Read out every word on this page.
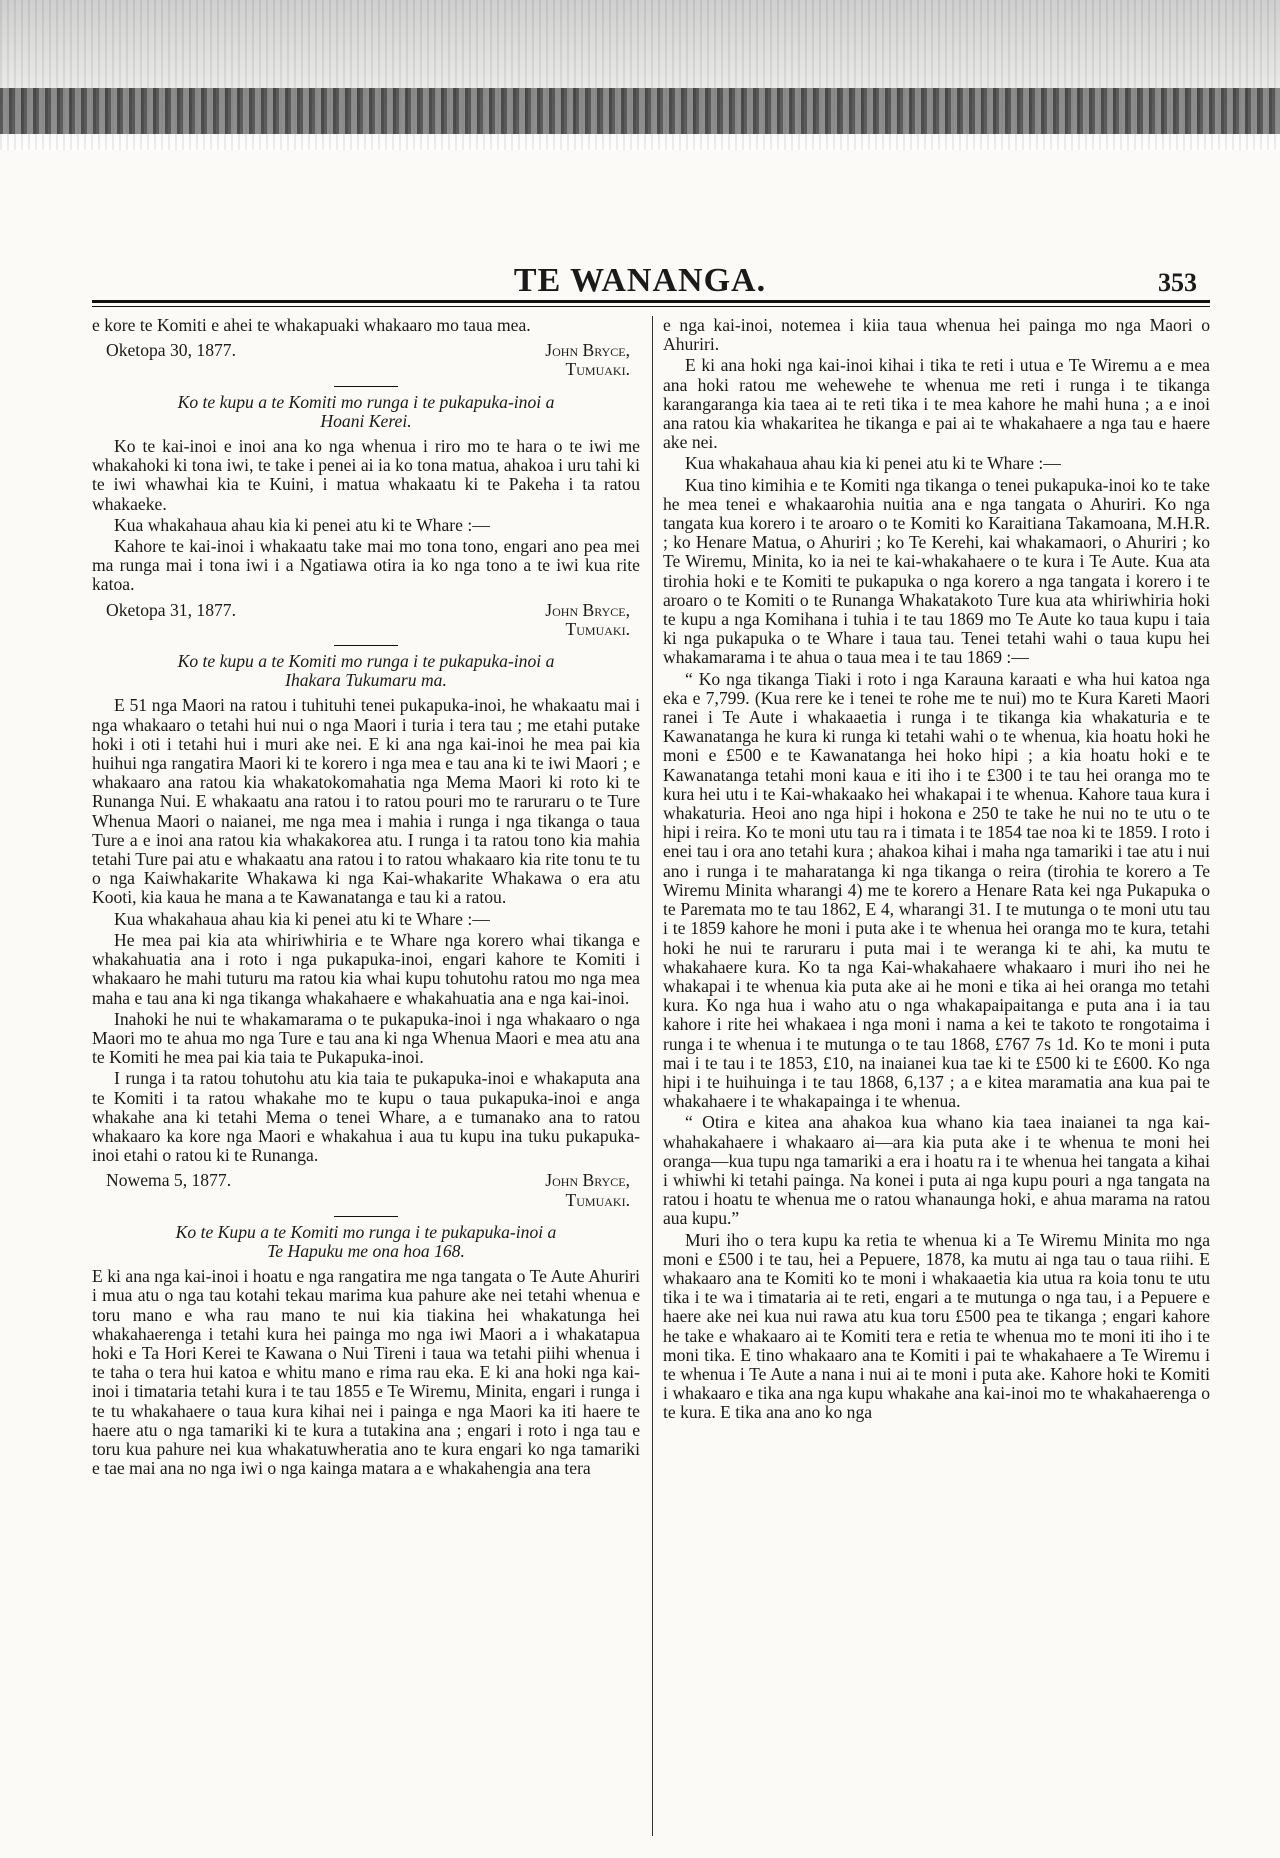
TE WANANGA.	353

e kore te Komiti e ahei te whakapuaki whakaaro mo taua mea.

Oketopa 30, 1877.	John Bryce,
Tumuaki.
Ko te kupu a te Komiti mo runga i te pukapuka-inoi a
Hoani Kerei.

Ko te kai-inoi e inoi ana ko nga whenua i riro mo te hara o te iwi me whakahoki ki tona iwi, te take i penei ai ia ko tona matua, ahakoa i uru tahi ki te iwi whawhai kia te Kuini, i matua whakaatu ki te Pakeha i ta ratou whakaeke.

Kua whakahaua ahau kia ki penei atu ki te Whare :—

Kahore te kai-inoi i whakaatu take mai mo tona tono, engari ano pea mei ma runga mai i tona iwi i a Ngatiawa otira ia ko nga tono a te iwi kua rite katoa.

Oketopa 31, 1877.	John Bryce,
Tumuaki.
Ko te kupu a te Komiti mo runga i te pukapuka-inoi a
Ihakara Tukumaru ma.

E 51 nga Maori na ratou i tuhituhi tenei pukapuka-inoi, he whakaatu mai i nga whakaaro o tetahi hui nui o nga Maori i turia i tera tau ; me etahi putake hoki i oti i tetahi hui i muri ake nei. E ki ana nga kai-inoi he mea pai kia huihui nga rangatira Maori ki te korero i nga mea e tau ana ki te iwi Maori ; e whakaaro ana ratou kia whakatokomahatia nga Mema Maori ki roto ki te Runanga Nui. E whakaatu ana ratou i to ratou pouri mo te raruraru o te Ture Whenua Maori o naianei, me nga mea i mahia i runga i nga tikanga o taua Ture a e inoi ana ratou kia whakakorea atu. I runga i ta ratou tono kia mahia tetahi Ture pai atu e whakaatu ana ratou i to ratou whakaaro kia rite tonu te tu o nga Kaiwhakarite Whakawa ki nga Kai-whakarite Whakawa o era atu Kooti, kia kaua he mana a te Kawanatanga e tau ki a ratou.

Kua whakahaua ahau kia ki penei atu ki te Whare :—

He mea pai kia ata whiriwhiria e te Whare nga korero whai tikanga e whakahuatia ana i roto i nga pukapuka-inoi, engari kahore te Komiti i whakaaro he mahi tuturu ma ratou kia whai kupu tohutohu ratou mo nga mea maha e tau ana ki nga tikanga whakahaere e whakahuatia ana e nga kai-inoi.

Inahoki he nui te whakamarama o te pukapuka-inoi i nga whakaaro o nga Maori mo te ahua mo nga Ture e tau ana ki nga Whenua Maori e mea atu ana te Komiti he mea pai kia taia te Pukapuka-inoi.

I runga i ta ratou tohutohu atu kia taia te pukapuka-inoi e whakaputa ana te Komiti i ta ratou whakahe mo te kupu o taua pukapuka-inoi e anga whakahe ana ki tetahi Mema o tenei Whare, a e tumanako ana to ratou whakaaro ka kore nga Maori e whakahua i aua tu kupu ina tuku pukapuka-inoi etahi o ratou ki te Runanga.

Nowema 5, 1877.	John Bryce,
Tumuaki.
Ko te Kupu a te Komiti mo runga i te pukapuka-inoi a
Te Hapuku me ona hoa 168.

E ki ana nga kai-inoi i hoatu e nga rangatira me nga tangata o Te Aute Ahuriri i mua atu o nga tau kotahi tekau marima kua pahure ake nei tetahi whenua e toru mano e wha rau mano te nui kia tiakina hei whakatunga hei whakahaerenga i tetahi kura hei painga mo nga iwi Maori a i whakatapua hoki e Ta Hori Kerei te Kawana o Nui Tireni i taua wa tetahi piihi whenua i te taha o tera hui katoa e whitu mano e rima rau eka. E ki ana hoki nga kai-inoi i timataria tetahi kura i te tau 1855 e Te Wiremu, Minita, engari i runga i te tu whakahaere o taua kura kihai nei i painga e nga Maori ka iti haere te haere atu o nga tamariki ki te kura a tutakina ana ; engari i roto i nga tau e toru kua pahure nei kua whakatuwheratia ano te kura engari ko nga tamariki e tae mai ana no nga iwi o nga kainga matara a e whakahengia ana tera

e nga kai-inoi, notemea i kiia taua whenua hei painga mo nga Maori o Ahuriri.

E ki ana hoki nga kai-inoi kihai i tika te reti i utua e Te Wiremu a e mea ana hoki ratou me wehewehe te whenua me reti i runga i te tikanga karangaranga kia taea ai te reti tika i te mea kahore he mahi huna ; a e inoi ana ratou kia whakaritea he tikanga e pai ai te whakahaere a nga tau e haere ake nei.

Kua whakahaua ahau kia ki penei atu ki te Whare :—

Kua tino kimihia e te Komiti nga tikanga o tenei pukapuka-inoi ko te take he mea tenei e whakaarohia nuitia ana e nga tangata o Ahuriri. Ko nga tangata kua korero i te aroaro o te Komiti ko Karaitiana Takamoana, M.H.R. ; ko Henare Matua, o Ahuriri ; ko Te Kerehi, kai whakamaori, o Ahuriri ; ko Te Wiremu, Minita, ko ia nei te kai-whakahaere o te kura i Te Aute. Kua ata tirohia hoki e te Komiti te pukapuka o nga korero a nga tangata i korero i te aroaro o te Komiti o te Runanga Whakatakoto Ture kua ata whiriwhiria hoki te kupu a nga Komihana i tuhia i te tau 1869 mo Te Aute ko taua kupu i taia ki nga pukapuka o te Whare i taua tau. Tenei tetahi wahi o taua kupu hei whakamarama i te ahua o taua mea i te tau 1869 :—

“ Ko nga tikanga Tiaki i roto i nga Karauna karaati e wha hui katoa nga eka e 7,799. (Kua rere ke i tenei te rohe me te nui) mo te Kura Kareti Maori ranei i Te Aute i whakaaetia i runga i te tikanga kia whakaturia e te Kawanatanga he kura ki runga ki tetahi wahi o te whenua, kia hoatu hoki he moni e £500 e te Kawanatanga hei hoko hipi ; a kia hoatu hoki e te Kawanatanga tetahi moni kaua e iti iho i te £300 i te tau hei oranga mo te kura hei utu i te Kai-whakaako hei whakapai i te whenua. Kahore taua kura i whakaturia. Heoi ano nga hipi i hokona e 250 te take he nui no te utu o te hipi i reira. Ko te moni utu tau ra i timata i te 1854 tae noa ki te 1859. I roto i enei tau i ora ano tetahi kura ; ahakoa kihai i maha nga tamariki i tae atu i nui ano i runga i te maharatanga ki nga tikanga o reira (tirohia te korero a Te Wiremu Minita wharangi 4) me te korero a Henare Rata kei nga Pukapuka o te Paremata mo te tau 1862, E 4, wharangi 31. I te mutunga o te moni utu tau i te 1859 kahore he moni i puta ake i te whenua hei oranga mo te kura, tetahi hoki he nui te raruraru i puta mai i te weranga ki te ahi, ka mutu te whakahaere kura. Ko ta nga Kai-whakahaere whakaaro i muri iho nei he whakapai i te whenua kia puta ake ai he moni e tika ai hei oranga mo tetahi kura. Ko nga hua i waho atu o nga whakapaipaitanga e puta ana i ia tau kahore i rite hei whakaea i nga moni i nama a kei te takoto te rongotaima i runga i te whenua i te mutunga o te tau 1868, £767 7s 1d. Ko te moni i puta mai i te tau i te 1853, £10, na inaianei kua tae ki te £500 ki te £600. Ko nga hipi i te huihuinga i te tau 1868, 6,137 ; a e kitea maramatia ana kua pai te whakahaere i te whakapainga i te whenua.

“ Otira e kitea ana ahakoa kua whano kia taea inaianei ta nga kai-whahakahaere i whakaaro ai—ara kia puta ake i te whenua te moni hei oranga—kua tupu nga tamariki a era i hoatu ra i te whenua hei tangata a kihai i whiwhi ki tetahi painga. Na konei i puta ai nga kupu pouri a nga tangata na ratou i hoatu te whenua me o ratou whanaunga hoki, e ahua marama na ratou aua kupu.”

Muri iho o tera kupu ka retia te whenua ki a Te Wiremu Minita mo nga moni e £500 i te tau, hei a Pepuere, 1878, ka mutu ai nga tau o taua riihi. E whakaaro ana te Komiti ko te moni i whakaaetia kia utua ra koia tonu te utu tika i te wa i timataria ai te reti, engari a te mutunga o nga tau, i a Pepuere e haere ake nei kua nui rawa atu kua toru £500 pea te tikanga ; engari kahore he take e whakaaro ai te Komiti tera e retia te whenua mo te moni iti iho i te moni tika. E tino whakaaro ana te Komiti i pai te whakahaere a Te Wiremu i te whenua i Te Aute a nana i nui ai te moni i puta ake. Kahore hoki te Komiti i whakaaro e tika ana nga kupu whakahe ana kai-inoi mo te whakahaerenga o te kura. E tika ana ano ko nga
